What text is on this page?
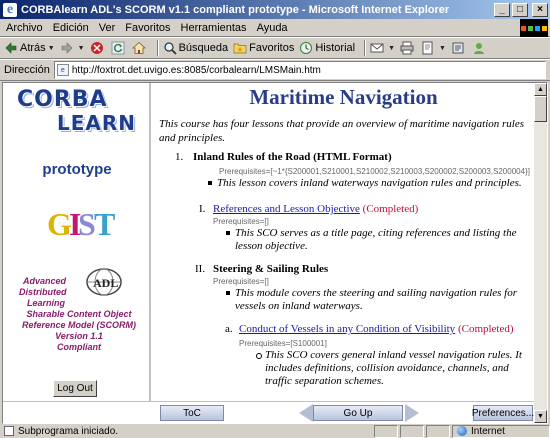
e CORBAlearn ADL's SCORM v1.1 compliant prototype - Microsoft Internet Explorer	_	□	×
Archivo Edición Ver Favoritos Herramientas Ayuda
Atrás ▼	▼	Búsqueda Favoritos Historial	▼	▼
Dirección	e http://foxtrot.det.uvigo.es:8085/corbalearn/LMSMain.htm
CORBA
LEARN
prototype
G
I
S
T
Advanced
Distributed
Learning
Sharable Content Object
Reference Model (SCORM)
Version 1.1
Compliant
ADL
Log Out
Maritime Navigation
This course has four lessons that provide an overview of maritime navigation rules and principles.
1. Inland Rules of the Road (HTML Format)
Prerequisites=[~1*{S200001,S210001,S210002,S210003,S200002,S200003,S200004}]
This lesson covers inland waterways navigation rules and principles.
I. References and Lesson Objective (Completed)
Prerequisites=[]
This SCO serves as a title page, citing references and listing the lesson objective.
II. Steering & Sailing Rules
Prerequisites=[]
This module covers the steering and sailing navigation rules for vessels on inland waterways.
a. Conduct of Vessels in any Condition of Visibility (Completed)
Prerequisites=[S100001]
This SCO covers general inland vessel navigation rules. It includes definitions, collision avoidance, channels, and traffic separation schemes.
ToC	Go Up	Preferences...
▲
▼
Subprograma iniciado.	Internet
